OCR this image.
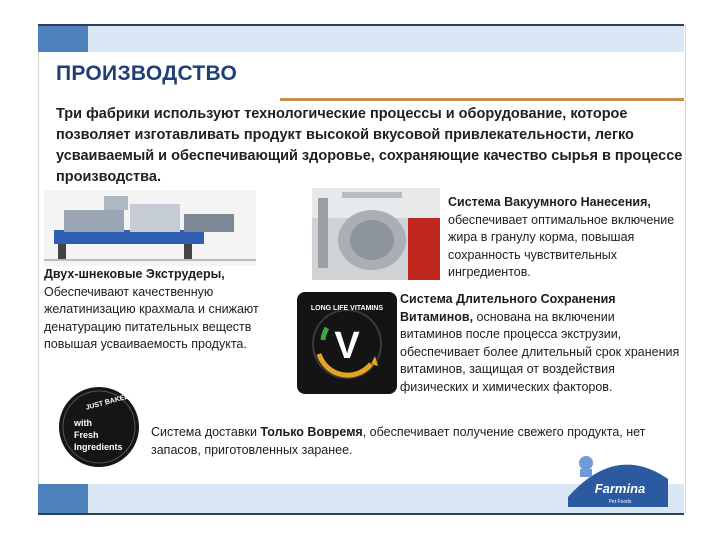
ПРОИЗВОДСТВО
Три фабрики используют технологические процессы и оборудование, которое позволяет изготавливать продукт высокой вкусовой привлекательности, легко усваиваемый и обеспечивающий здоровье, сохраняющие качество сырья в процессе производства.
Двух-шнековые Экструдеры,
Обеспечивают качественную желатинизацию крахмала и снижают денатурацию питательных веществ повышая усваиваемость продукта.
Система Вакуумного Нанесения,
обеспечивает оптимальное включение жира в гранулу корма, повышая сохранность чувствительных ингредиентов.
V
LONG LIFE VITAMINS
Система Длительного Сохранения Витаминов, основана на включении витаминов после процесса экструзии, обеспечивает более длительный срок хранения витаминов, защищая от воздействия физических и химических факторов.
JUST BAKED
with
Fresh
Ingredients
Система доставки Только Вовремя, обеспечивает получение свежего продукта, нет запасов, приготовленных заранее.
Farmina
Pet Foods
